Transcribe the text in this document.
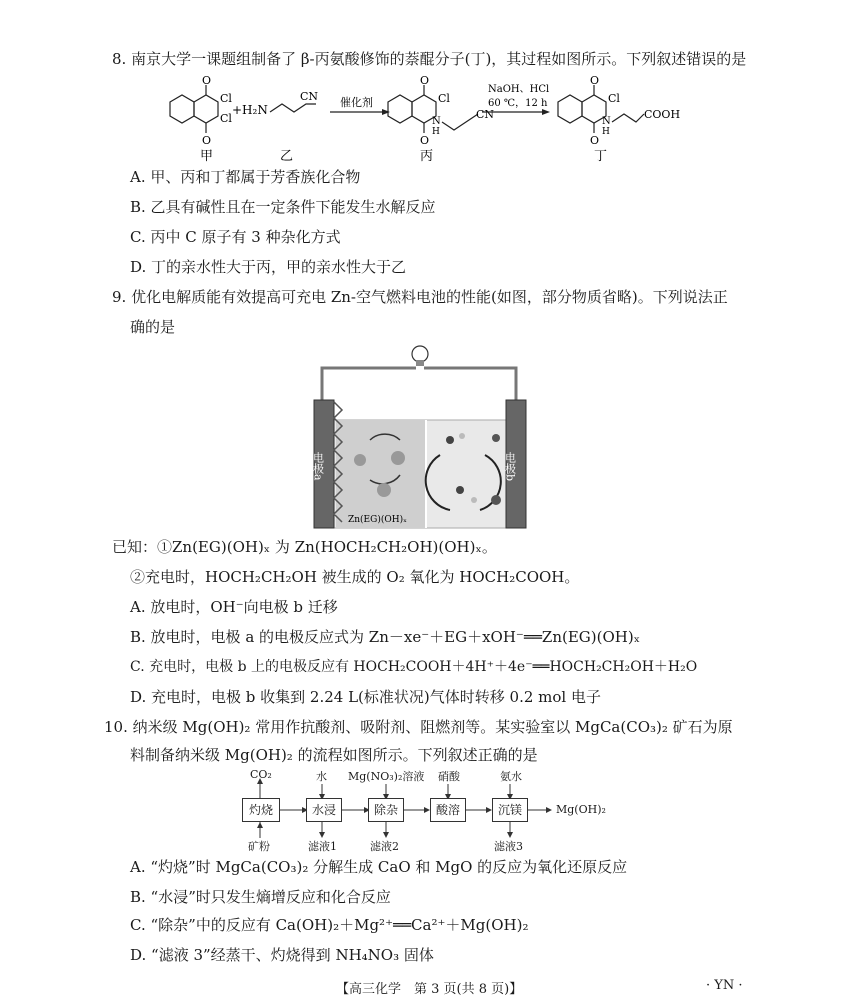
8. 南京大学一课题组制备了 β-丙氨酸修饰的萘醌分子(丁)，其过程如图所示。下列叙述错误的是
O
O
Cl
Cl
+H₂N
CN 催化剂
O
O
Cl
N
H
CN
NaOH、HCl
60 ℃，12 h
O
O
Cl
N
H
COOH
甲	乙	丙	丁
A. 甲、丙和丁都属于芳香族化合物
B. 乙具有碱性且在一定条件下能发生水解反应
C. 丙中 C 原子有 3 种杂化方式
D. 丁的亲水性大于丙，甲的亲水性大于乙
9. 优化电解质能有效提高可充电 Zn-空气燃料电池的性能(如图，部分物质省略)。下列说法正
确的是
电极a	电极b
Zn(EG)(OH)ₓ
已知：①Zn(EG)(OH)ₓ 为 Zn(HOCH₂CH₂OH)(OH)ₓ。
②充电时，HOCH₂CH₂OH 被生成的 O₂ 氧化为 HOCH₂COOH。
A. 放电时，OH⁻向电极 b 迁移
B. 放电时，电极 a 的电极反应式为 Zn－xe⁻＋EG＋xOH⁻══Zn(EG)(OH)ₓ
C. 充电时，电极 b 上的电极反应有 HOCH₂COOH＋4H⁺＋4e⁻══HOCH₂CH₂OH＋H₂O
D. 充电时，电极 b 收集到 2.24 L(标准状况)气体时转移 0.2 mol 电子
10. 纳米级 Mg(OH)₂ 常用作抗酸剂、吸附剂、阻燃剂等。某实验室以 MgCa(CO₃)₂ 矿石为原
料制备纳米级 Mg(OH)₂ 的流程如图所示。下列叙述正确的是
灼烧	水浸	除杂	酸溶	沉镁
CO₂	水 Mg(NO₃)₂溶液 硝酸	氨水
矿粉	滤液1	滤液2	滤液3
Mg(OH)₂
A. “灼烧”时 MgCa(CO₃)₂ 分解生成 CaO 和 MgO 的反应为氧化还原反应
B. “水浸”时只发生熵增反应和化合反应
C. “除杂”中的反应有 Ca(OH)₂＋Mg²⁺══Ca²⁺＋Mg(OH)₂
D. “滤液 3”经蒸干、灼烧得到 NH₄NO₃ 固体
【高三化学　第 3 页(共 8 页)】	· YN ·
